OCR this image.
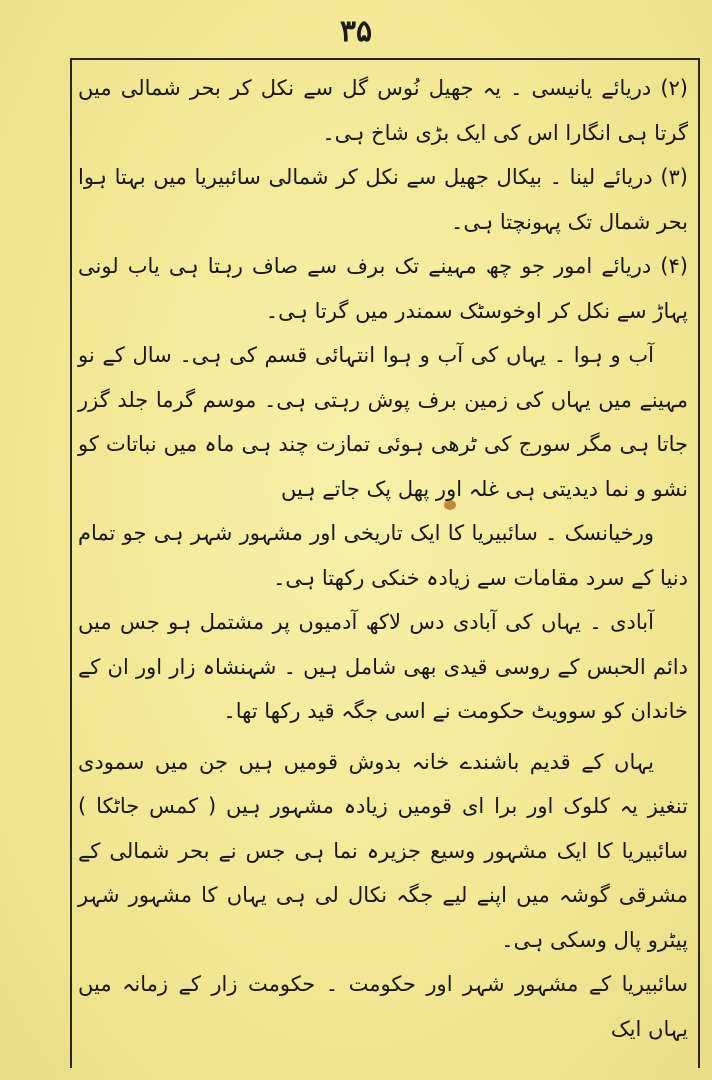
۳۵

(۲) دریائے یانیسی ۔ یہ جھیل نُوس گل سے نکل کر بحر شمالی میں گرتا ہی انگارا اس کی ایک بڑی شاخ ہی۔

(۳) دریائے لینا ۔ بیکال جھیل سے نکل کر شمالی سائبیریا میں بہتا ہوا بحر شمال تک پہونچتا ہی۔

(۴) دریائے امور جو چھ مہینے تک برف سے صاف رہتا ہی یاب لونی پہاڑ سے نکل کر اوخوسٹک سمندر میں گرتا ہی۔

آب و ہوا ۔ یہاں کی آب و ہوا انتہائی قسم کی ہی۔ سال کے نو مہینے میں یہاں کی زمین برف پوش رہتی ہی۔ موسم گرما جلد گزر جاتا ہی مگر سورج کی ٹرھی ہوئی تمازت چند ہی ماہ میں نباتات کو نشو و نما دیدیتی ہی غلہ اور پھل پک جاتے ہیں

ورخیانسک ۔ سائبیریا کا ایک تاریخی اور مشہور شہر ہی جو تمام دنیا کے سرد مقامات سے زیادہ خنکی رکھتا ہی۔

آبادی ۔ یہاں کی آبادی دس لاکھ آدمیوں پر مشتمل ہو جس میں دائم الحبس کے روسی قیدی بھی شامل ہیں ۔ شہنشاہ زار اور ان کے خاندان کو سوویٹ حکومت نے اسی جگہ قید رکھا تھا۔

یہاں کے قدیم باشندے خانہ بدوش قومیں ہیں جن میں سمودی تنغیز یہ کلوک اور برا ای قومیں زیادہ مشہور ہیں ( کمس جاٹکا ) سائبیریا کا ایک مشہور وسیع جزیرہ نما ہی جس نے بحر شمالی کے مشرقی گوشہ میں اپنے لیے جگہ نکال لی ہی یہاں کا مشہور شہر پیٹرو پال وسکی ہی۔

سائبیریا کے مشہور شہر اور حکومت ۔ حکومت زار کے زمانہ میں یہاں ایک
